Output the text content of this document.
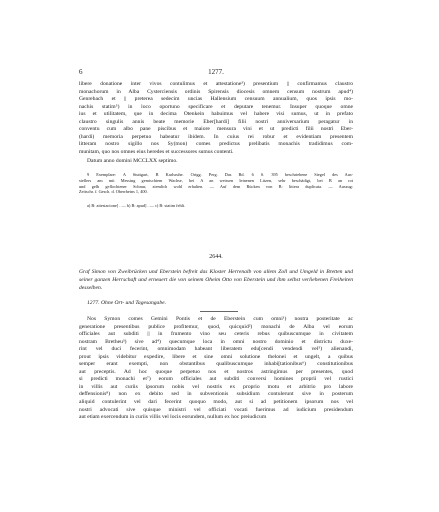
6	1277.
libere donatione inter vivos contulimus et attestatione³) presentium || confirmamus claustro
monachorum in Alba Cysterciensis ordinis Spirensis diocesis omnem censum nostrum apud⁴)
Genrebach et || preterea sedecim uncias Hallensium censuum annualium, quos ipsis mo-
nachis statim⁵) in loco oportuno specificare et deputare tenemur. Insuper quoque omne
ius et utilitatem, que in decima Otenkein habuimus vel habere visi sumus, ut in prefato
claustro singulis annis beate memorie Eber[hardi] filii nostri anniversarium peragatur in
conventu cum albo pane piscibus et maiore mensura vini et ut predicti filii nostri Eber-
(hardi) memoria perpetuo habeatur ibidem. In cuius rei robur et evidentiam presentem
litteram nostro sigillo nos Sy(mon) comes predictus prelibatis monachis tradidimus com-
munitam, quo nos omnes eius heredes et successores sumus contenti.
Datum anno domini MCCLXX septimo.
9 Exemplare: A Stuttgart, B Karlsruhe. Origg. Perg. Das Bd. 6 S. 395 beschriebene Siegel des Aus-
stellers am mit Messing gemischtem Wachse, bei A an weissen leinenen Litzen, sehr beschädigt, bei B an rot
und gelb geflochtener Schnur, ziemlich wohl erhalten. — Auf dem Rücken von B: littera duplicata. — Auszug:
Zeitschr. f. Gesch. d. Oberrheins 1, 400.
a) B: attestacione] . — b) B: apud] . — c) B: statim fehlt.
2644.
Graf Simon von Zweibrücken und Eberstein befreit das Kloster Herrenalb von allem Zoll und Umgeld in Bretten und seiner ganzen Herrschaft und erneuert die von seinem Oheim Otto von Eberstein und ihm selbst verliehenen Freiheiten desselben.
1277. Ohne Ort- und Tagesangabe.
Nos Symon comes Gemini Pontis et de Eberstein cum omni¹) nostra posteritate ac
generatione presentibus publice profitemur, quod, quicquid²) monachi de Alba vel eorum
officiales aut subditi || in frumento vino seu ceteris rebus quibuscumque in civitatem
nostram Bretheu³) sive ad⁴) quecumque loca in omni nostro dominio et districtu duxe-
rint vel duci fecerint, omnimodam habeant liberatem edu[cendi vendendi vel⁵) alienandi,
prout ipsis videbitur expedire, libere et sine omni solutione thelonei et ungelt, a quibus
semper erant exempti, non obstantibus qualibuscumque inhabi[tationibus⁶) constitutionibus
aut preceptis. Ad hoc quoque perpetuo nos et nostros astringimus per presentes, quod
si predicti monachi et⁷) eorum officiales aut subditi conversi homines proprii vel rustici
in villis aut curiis ipsorum nobis vel nostris ex proprio motu et arbitrio pro labore
deffensionis⁸) non ex debito sed in subventionis subsidium contulerunt sive in posterum
aliquid contulerint vel dari fecerint quoquo modo, aut si ad petitionem ipsorum nos vel
nostri advocati sive quisque ministri vel officiati vocati fuerimus ad iudicium presidendum
aut etiam exercendum in curiis villis vel locis eorundem, nullum ex hoc preiudicum
